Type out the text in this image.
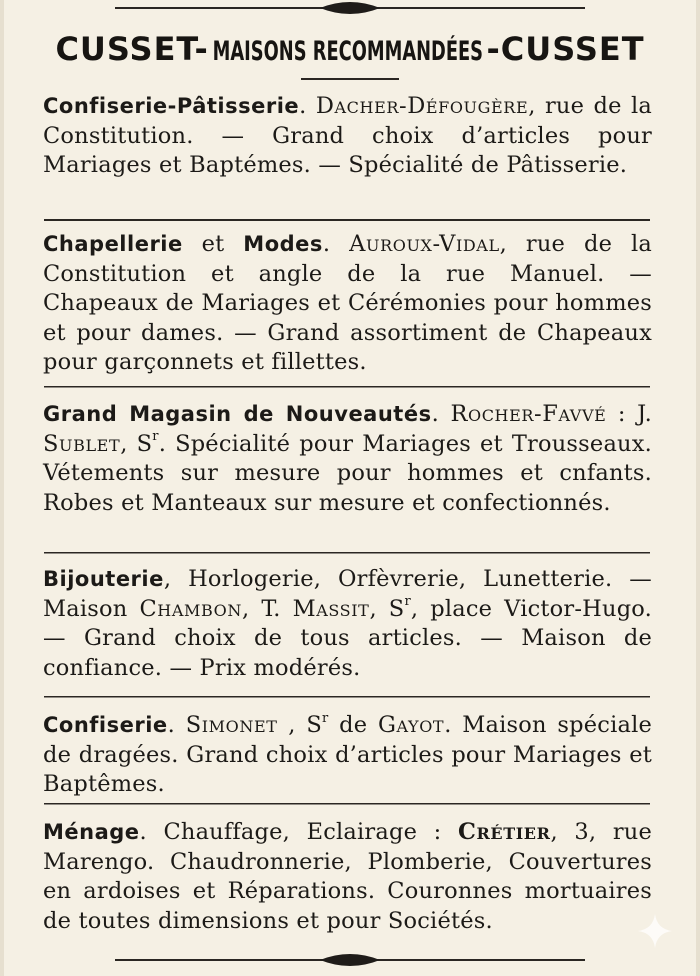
CUSSET- MAISONS RECOMMANDÉES -CUSSET
Confiserie-Pâtisserie. Dacher-Défougère, rue de la Constitution. — Grand choix d’articles pour Mariages et Baptémes. — Spécialité de Pâtisserie.
Chapellerie et Modes. Auroux-Vidal, rue de la Constitution et angle de la rue Manuel. — Chapeaux de Mariages et Cérémonies pour hommes et pour dames. — Grand assortiment de Chapeaux pour garçonnets et fillettes.
Grand Magasin de Nouveautés. Rocher-Favvé : J. Sublet, $S^r$. Spécialité pour Mariages et Trousseaux. Vétements sur mesure pour hommes et cnfants. Robes et Manteaux sur mesure et confectionnés.
Bijouterie, Horlogerie, Orfèvrerie, Lunetterie. — Maison Chambon, T. Massit, $S^r$, place Victor-Hugo. — Grand choix de tous articles. — Maison de confiance. — Prix modérés.
Confiserie. Simonet , $S^r$ de Gayot. Maison spéciale de dragées. Grand choix d’articles pour Mariages et Baptêmes.
Ménage. Chauffage, Eclairage : Crétier, 3, rue Marengo. Chaudronnerie, Plomberie, Couvertures en ardoises et Réparations. Couronnes mortuaires de toutes dimensions et pour Sociétés.
